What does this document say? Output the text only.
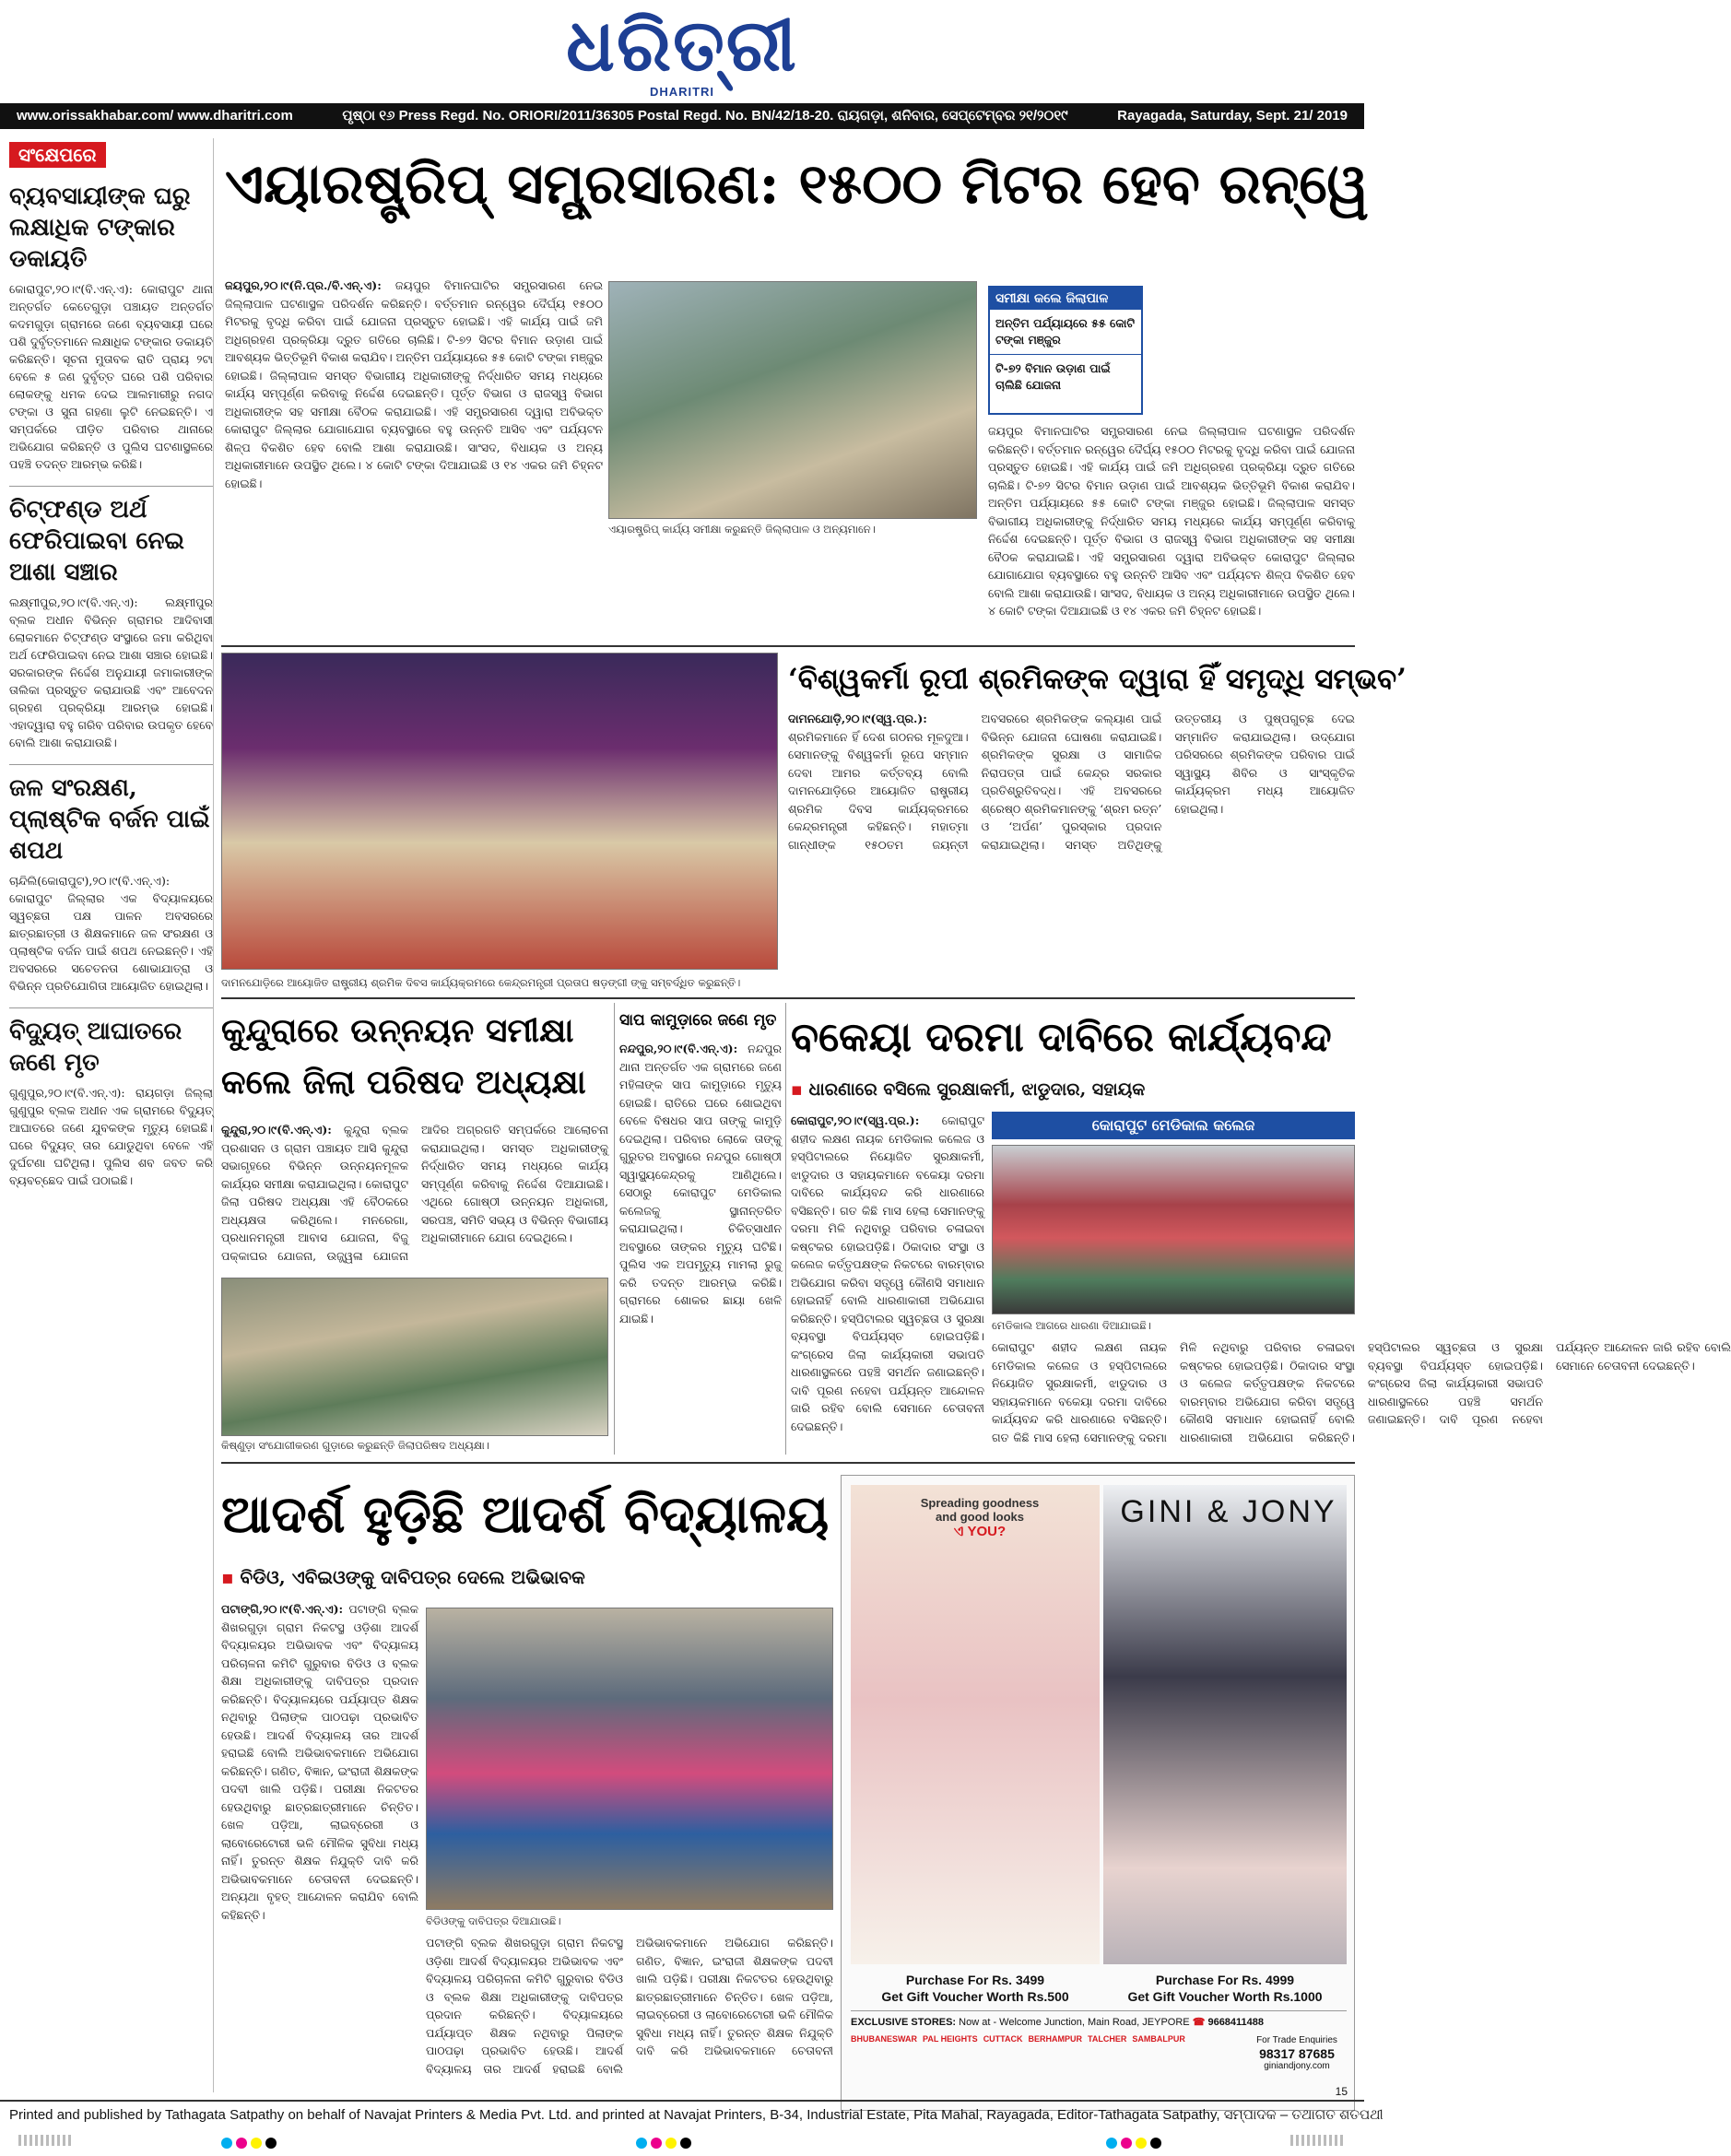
ଧରିତ୍ରୀ
DHARITRI
www.orissakhabar.com/ www.dharitri.com	ପୃଷ୍ଠା ୧୬ Press Regd. No. ORIORI/2011/36305 Postal Regd. No. BN/42/18-20. ରାୟଗଡ଼ା, ଶନିବାର, ସେପ୍ଟେମ୍ବର ୨୧/୨୦୧୯	Rayagada, Saturday, Sept. 21/ 2019
ସଂକ୍ଷେପରେ
ବ୍ୟବସାୟୀଙ୍କ ଘରୁ ଲକ୍ଷାଧିକ ଟଙ୍କାର ଡକାୟତି
କୋରାପୁଟ,୨୦।୯(ବି.ଏନ୍.ଏ): କୋରାପୁଟ ଥାନା ଅନ୍ତର୍ଗତ କେତେଗୁଡ଼ା ପଞ୍ଚାୟତ ଅନ୍ତର୍ଗତ କଦମଗୁଡ଼ା ଗ୍ରାମରେ ଜଣେ ବ୍ୟବସାୟୀ ଘରେ ପଶି ଦୁର୍ବୃତ୍ତମାନେ ଲକ୍ଷାଧିକ ଟଙ୍କାର ଡକାୟତି କରିଛନ୍ତି। ସୂଚନା ମୁତାବକ ରାତି ପ୍ରାୟ ୨ଟା ବେଳେ ୫ ଜଣ ଦୁର୍ବୃତ୍ତ ଘରେ ପଶି ପରିବାର ଲୋକଙ୍କୁ ଧମକ ଦେଇ ଆଲମାରୀରୁ ନଗଦ ଟଙ୍କା ଓ ସୁନା ଗହଣା ଲୁଟି ନେଇଛନ୍ତି। ଏ ସମ୍ପର୍କରେ ପୀଡ଼ିତ ପରିବାର ଥାନାରେ ଅଭିଯୋଗ କରିଛନ୍ତି ଓ ପୁଲିସ ଘଟଣାସ୍ଥଳରେ ପହଞ୍ଚି ତଦନ୍ତ ଆରମ୍ଭ କରିଛି।
ଚିଟ୍‌ଫଣ୍ଡ ଅର୍ଥ ଫେରିପାଇବା ନେଇ ଆଶା ସଞ୍ଚାର
ଲକ୍ଷ୍ମୀପୁର,୨୦।୯(ବି.ଏନ୍.ଏ): ଲକ୍ଷ୍ମୀପୁର ବ୍ଲକ ଅଧୀନ ବିଭିନ୍ନ ଗ୍ରାମର ଆଦିବାସୀ ଲୋକମାନେ ଚିଟ୍‌ଫଣ୍ଡ ସଂସ୍ଥାରେ ଜମା କରିଥିବା ଅର୍ଥ ଫେରିପାଇବା ନେଇ ଆଶା ସଞ୍ଚାର ହୋଇଛି। ସରକାରଙ୍କ ନିର୍ଦ୍ଦେଶ ଅନୁଯାୟୀ ଜମାକାରୀଙ୍କ ତାଲିକା ପ୍ରସ୍ତୁତ କରାଯାଉଛି ଏବଂ ଆବେଦନ ଗ୍ରହଣ ପ୍ରକ୍ରିୟା ଆରମ୍ଭ ହୋଇଛି। ଏହାଦ୍ୱାରା ବହୁ ଗରିବ ପରିବାର ଉପକୃତ ହେବେ ବୋଲି ଆଶା କରାଯାଉଛି।
ଜଳ ସଂରକ୍ଷଣ, ପ୍ଲାଷ୍ଟିକ ବର୍ଜନ ପାଇଁ ଶପଥ
ଚାନ୍ଦିଲି(କୋରାପୁଟ),୨୦।୯(ବି.ଏନ୍.ଏ): କୋରାପୁଟ ଜିଲ୍ଲାର ଏକ ବିଦ୍ୟାଳୟରେ ସ୍ୱଚ୍ଛତା ପକ୍ଷ ପାଳନ ଅବସରରେ ଛାତ୍ରଛାତ୍ରୀ ଓ ଶିକ୍ଷକମାନେ ଜଳ ସଂରକ୍ଷଣ ଓ ପ୍ଲାଷ୍ଟିକ ବର୍ଜନ ପାଇଁ ଶପଥ ନେଇଛନ୍ତି। ଏହି ଅବସରରେ ସଚେତନତା ଶୋଭାଯାତ୍ରା ଓ ବିଭିନ୍ନ ପ୍ରତିଯୋଗିତା ଆୟୋଜିତ ହୋଇଥିଲା।
ବିଦ୍ୟୁତ୍ ଆଘାତରେ ଜଣେ ମୃତ
ଗୁଣୁପୁର,୨୦।୯(ବି.ଏନ୍.ଏ): ରାୟଗଡ଼ା ଜିଲ୍ଲା ଗୁଣୁପୁର ବ୍ଲକ ଅଧୀନ ଏକ ଗ୍ରାମରେ ବିଦ୍ୟୁତ୍ ଆଘାତରେ ଜଣେ ଯୁବକଙ୍କ ମୃତ୍ୟୁ ହୋଇଛି। ଘରେ ବିଦ୍ୟୁତ୍ ତାର ଯୋଡୁଥିବା ବେଳେ ଏହି ଦୁର୍ଘଟଣା ଘଟିଥିଲା। ପୁଲିସ ଶବ ଜବତ କରି ବ୍ୟବଚ୍ଛେଦ ପାଇଁ ପଠାଇଛି।
ଏୟାରଷ୍ଟ୍ରିପ୍ ସମ୍ପ୍ରସାରଣ: ୧୫୦୦ ମିଟର ହେବ ରନ୍‌ୱେ
ଜୟପୁର,୨୦।୯(ନି.ପ୍ର./ବି.ଏନ୍.ଏ): ଜୟପୁର ବିମାନଘାଟିର ସମ୍ପ୍ରସାରଣ ନେଇ ଜିଲ୍ଲାପାଳ ଘଟଣାସ୍ଥଳ ପରିଦର୍ଶନ କରିଛନ୍ତି। ବର୍ତ୍ତମାନ ରନ୍‌ୱେର ଦୈର୍ଘ୍ୟ ୧୫୦୦ ମିଟରକୁ ବୃଦ୍ଧି କରିବା ପାଇଁ ଯୋଜନା ପ୍ରସ୍ତୁତ ହୋଇଛି। ଏହି କାର୍ଯ୍ୟ ପାଇଁ ଜମି ଅଧିଗ୍ରହଣ ପ୍ରକ୍ରିୟା ଦ୍ରୁତ ଗତିରେ ଚାଲିଛି। ଟି-୭୨ ସିଟର ବିମାନ ଉଡ଼ାଣ ପାଇଁ ଆବଶ୍ୟକ ଭିତ୍ତିଭୂମି ବିକାଶ କରାଯିବ। ଅନ୍ତିମ ପର୍ଯ୍ୟାୟରେ ୫୫ କୋଟି ଟଙ୍କା ମଞ୍ଜୁର ହୋଇଛି। ଜିଲ୍ଲାପାଳ ସମସ୍ତ ବିଭାଗୀୟ ଅଧିକାରୀଙ୍କୁ ନିର୍ଦ୍ଧାରିତ ସମୟ ମଧ୍ୟରେ କାର୍ଯ୍ୟ ସମ୍ପୂର୍ଣ୍ଣ କରିବାକୁ ନିର୍ଦ୍ଦେଶ ଦେଇଛନ୍ତି। ପୂର୍ତ୍ତ ବିଭାଗ ଓ ରାଜସ୍ୱ ବିଭାଗ ଅଧିକାରୀଙ୍କ ସହ ସମୀକ୍ଷା ବୈଠକ କରାଯାଇଛି। ଏହି ସମ୍ପ୍ରସାରଣ ଦ୍ୱାରା ଅବିଭକ୍ତ କୋରାପୁଟ ଜିଲ୍ଲାର ଯୋଗାଯୋଗ ବ୍ୟବସ୍ଥାରେ ବହୁ ଉନ୍ନତି ଆସିବ ଏବଂ ପର୍ଯ୍ୟଟନ ଶିଳ୍ପ ବିକଶିତ ହେବ ବୋଲି ଆଶା କରାଯାଉଛି। ସାଂସଦ, ବିଧାୟକ ଓ ଅନ୍ୟ ଅଧିକାରୀମାନେ ଉପସ୍ଥିତ ଥିଲେ। ୪ କୋଟି ଟଙ୍କା ଦିଆଯାଇଛି ଓ ୧୪ ଏକର ଜମି ଚିହ୍ନଟ ହୋଇଛି।
ଏୟାରଷ୍ଟ୍ରିପ୍ କାର୍ଯ୍ୟ ସମୀକ୍ଷା କରୁଛନ୍ତି ଜିଲ୍ଲାପାଳ ଓ ଅନ୍ୟମାନେ।
ସମୀକ୍ଷା କଲେ ଜିଲାପାଳ
ଅନ୍ତିମ ପର୍ଯ୍ୟାୟରେ ୫୫ କୋଟି ଟଙ୍କା ମଞ୍ଜୁର
ଟି-୭୨ ବିମାନ ଉଡ଼ାଣ ପାଇଁ ଚାଲିଛି ଯୋଜନା
ଜୟପୁର ବିମାନଘାଟିର ସମ୍ପ୍ରସାରଣ ନେଇ ଜିଲ୍ଲାପାଳ ଘଟଣାସ୍ଥଳ ପରିଦର୍ଶନ କରିଛନ୍ତି। ବର୍ତ୍ତମାନ ରନ୍‌ୱେର ଦୈର୍ଘ୍ୟ ୧୫୦୦ ମିଟରକୁ ବୃଦ୍ଧି କରିବା ପାଇଁ ଯୋଜନା ପ୍ରସ୍ତୁତ ହୋଇଛି। ଏହି କାର୍ଯ୍ୟ ପାଇଁ ଜମି ଅଧିଗ୍ରହଣ ପ୍ରକ୍ରିୟା ଦ୍ରୁତ ଗତିରେ ଚାଲିଛି। ଟି-୭୨ ସିଟର ବିମାନ ଉଡ଼ାଣ ପାଇଁ ଆବଶ୍ୟକ ଭିତ୍ତିଭୂମି ବିକାଶ କରାଯିବ। ଅନ୍ତିମ ପର୍ଯ୍ୟାୟରେ ୫୫ କୋଟି ଟଙ୍କା ମଞ୍ଜୁର ହୋଇଛି। ଜିଲ୍ଲାପାଳ ସମସ୍ତ ବିଭାଗୀୟ ଅଧିକାରୀଙ୍କୁ ନିର୍ଦ୍ଧାରିତ ସମୟ ମଧ୍ୟରେ କାର୍ଯ୍ୟ ସମ୍ପୂର୍ଣ୍ଣ କରିବାକୁ ନିର୍ଦ୍ଦେଶ ଦେଇଛନ୍ତି। ପୂର୍ତ୍ତ ବିଭାଗ ଓ ରାଜସ୍ୱ ବିଭାଗ ଅଧିକାରୀଙ୍କ ସହ ସମୀକ୍ଷା ବୈଠକ କରାଯାଇଛି। ଏହି ସମ୍ପ୍ରସାରଣ ଦ୍ୱାରା ଅବିଭକ୍ତ କୋରାପୁଟ ଜିଲ୍ଲାର ଯୋଗାଯୋଗ ବ୍ୟବସ୍ଥାରେ ବହୁ ଉନ୍ନତି ଆସିବ ଏବଂ ପର୍ଯ୍ୟଟନ ଶିଳ୍ପ ବିକଶିତ ହେବ ବୋଲି ଆଶା କରାଯାଉଛି। ସାଂସଦ, ବିଧାୟକ ଓ ଅନ୍ୟ ଅଧିକାରୀମାନେ ଉପସ୍ଥିତ ଥିଲେ। ୪ କୋଟି ଟଙ୍କା ଦିଆଯାଇଛି ଓ ୧୪ ଏକର ଜମି ଚିହ୍ନଟ ହୋଇଛି।
ଦାମନଯୋଡ଼ିରେ ଆୟୋଜିତ ରାଷ୍ଟ୍ରୀୟ ଶ୍ରମିକ ଦିବସ କାର୍ଯ୍ୟକ୍ରମରେ କେନ୍ଦ୍ରମନ୍ତ୍ରୀ ପ୍ରତାପ ଷଡ଼ଙ୍ଗୀ ଙ୍କୁ ସମ୍ବର୍ଦ୍ଧିତ କରୁଛନ୍ତି।
‘ବିଶ୍ୱକର୍ମା ରୂପୀ ଶ୍ରମିକଙ୍କ ଦ୍ୱାରା ହିଁ ସମୃଦ୍ଧି ସମ୍ଭବ’
ଦାମନଯୋଡ଼ି,୨୦।୯(ସ୍ୱ.ପ୍ର.): ଶ୍ରମିକମାନେ ହିଁ ଦେଶ ଗଠନର ମୂଳଦୁଆ। ସେମାନଙ୍କୁ ବିଶ୍ୱକର୍ମା ରୂପେ ସମ୍ମାନ ଦେବା ଆମର କର୍ତ୍ତବ୍ୟ ବୋଲି ଦାମନଯୋଡ଼ିରେ ଆୟୋଜିତ ରାଷ୍ଟ୍ରୀୟ ଶ୍ରମିକ ଦିବସ କାର୍ଯ୍ୟକ୍ରମରେ କେନ୍ଦ୍ରମନ୍ତ୍ରୀ କହିଛନ୍ତି। ମହାତ୍ମା ଗାନ୍ଧୀଙ୍କ ୧୫୦ତମ ଜୟନ୍ତୀ ଅବସରରେ ଶ୍ରମିକଙ୍କ କଲ୍ୟାଣ ପାଇଁ ବିଭିନ୍ନ ଯୋଜନା ଘୋଷଣା କରାଯାଇଛି। ଶ୍ରମିକଙ୍କ ସୁରକ୍ଷା ଓ ସାମାଜିକ ନିରାପତ୍ତା ପାଇଁ କେନ୍ଦ୍ର ସରକାର ପ୍ରତିଶ୍ରୁତିବଦ୍ଧ। ଏହି ଅବସରରେ ଶ୍ରେଷ୍ଠ ଶ୍ରମିକମାନଙ୍କୁ ‘ଶ୍ରମ ରତ୍ନ’ ଓ ‘ଅର୍ପଣ’ ପୁରସ୍କାର ପ୍ରଦାନ କରାଯାଇଥିଲା। ସମସ୍ତ ଅତିଥିଙ୍କୁ ଉତ୍ତରୀୟ ଓ ପୁଷ୍ପଗୁଚ୍ଛ ଦେଇ ସମ୍ମାନିତ କରାଯାଇଥିଲା। ଉଦ୍‌ଯୋଗ ପରିସରରେ ଶ୍ରମିକଙ୍କ ପରିବାର ପାଇଁ ସ୍ୱାସ୍ଥ୍ୟ ଶିବିର ଓ ସାଂସ୍କୃତିକ କାର୍ଯ୍ୟକ୍ରମ ମଧ୍ୟ ଆୟୋଜିତ ହୋଇଥିଲା।
କୁନ୍ଦୁରାରେ ଉନ୍ନୟନ ସମୀକ୍ଷା
କଲେ ଜିଲା ପରିଷଦ ଅଧ୍ୟକ୍ଷା
କୁନ୍ଦୁରା,୨୦।୯(ବି.ଏନ୍.ଏ): କୁନ୍ଦୁରା ବ୍ଲକ ପ୍ରଶାସନ ଓ ଗ୍ରାମ ପଞ୍ଚାୟତ ଆସି କୁନ୍ଦୁରା ସଭାଗୃହରେ ବିଭିନ୍ନ ଉନ୍ନୟନମୂଳକ କାର୍ଯ୍ୟର ସମୀକ୍ଷା କରାଯାଇଥିଲା। କୋରାପୁଟ ଜିଲା ପରିଷଦ ଅଧ୍ୟକ୍ଷା ଏହି ବୈଠକରେ ଅଧ୍ୟକ୍ଷତା କରିଥିଲେ। ମନରେଗା, ପ୍ରଧାନମନ୍ତ୍ରୀ ଆବାସ ଯୋଜନା, ବିଜୁ ପକ୍କାଘର ଯୋଜନା, ଉଜ୍ଜ୍ୱଳା ଯୋଜନା ଆଦିର ଅଗ୍ରଗତି ସମ୍ପର୍କରେ ଆଲୋଚନା କରାଯାଇଥିଲା। ସମସ୍ତ ଅଧିକାରୀଙ୍କୁ ନିର୍ଦ୍ଧାରିତ ସମୟ ମଧ୍ୟରେ କାର୍ଯ୍ୟ ସମ୍ପୂର୍ଣ୍ଣ କରିବାକୁ ନିର୍ଦ୍ଦେଶ ଦିଆଯାଇଛି। ଏଥିରେ ଗୋଷ୍ଠୀ ଉନ୍ନୟନ ଅଧିକାରୀ, ସରପଞ୍ଚ, ସମିତି ସଭ୍ୟ ଓ ବିଭିନ୍ନ ବିଭାଗୀୟ ଅଧିକାରୀମାନେ ଯୋଗ ଦେଇଥିଲେ।
କିଷ୍ଣୁଡ଼ା ସଂଯୋଗୀକରଣ ଗୁଡ଼ାରେ କରୁଛନ୍ତି ଜିଲାପରିଷଦ ଅଧ୍ୟକ୍ଷା।
ସାପ କାମୁଡ଼ାରେ ଜଣେ ମୃତ
ନନ୍ଦପୁର,୨୦।୯(ବି.ଏନ୍.ଏ): ନନ୍ଦପୁର ଥାନା ଅନ୍ତର୍ଗତ ଏକ ଗ୍ରାମରେ ଜଣେ ମହିଳାଙ୍କ ସାପ କାମୁଡ଼ାରେ ମୃତ୍ୟୁ ହୋଇଛି। ରାତିରେ ଘରେ ଶୋଇଥିବା ବେଳେ ବିଷଧର ସାପ ତାଙ୍କୁ କାମୁଡ଼ି ଦେଇଥିଲା। ପରିବାର ଲୋକେ ତାଙ୍କୁ ଗୁରୁତର ଅବସ୍ଥାରେ ନନ୍ଦପୁର ଗୋଷ୍ଠୀ ସ୍ୱାସ୍ଥ୍ୟକେନ୍ଦ୍ରକୁ ଆଣିଥିଲେ। ସେଠାରୁ କୋରାପୁଟ ମେଡିକାଲ କଲେଜକୁ ସ୍ଥାନାନ୍ତରିତ କରାଯାଇଥିଲା। ଚିକିତ୍ସାଧୀନ ଅବସ୍ଥାରେ ତାଙ୍କର ମୃତ୍ୟୁ ଘଟିଛି। ପୁଲିସ ଏକ ଅପମୃତ୍ୟୁ ମାମଲା ରୁଜୁ କରି ତଦନ୍ତ ଆରମ୍ଭ କରିଛି। ଗ୍ରାମରେ ଶୋକର ଛାୟା ଖେଳି ଯାଇଛି।
ବକେୟା ଦରମା ଦାବିରେ କାର୍ଯ୍ୟବନ୍ଦ
▪ ଧାରଣାରେ ବସିଲେ ସୁରକ୍ଷାକର୍ମୀ, ଝାଡୁଦାର, ସହାୟକ
କୋରାପୁଟ,୨୦।୯(ସ୍ୱ.ପ୍ର.): କୋରାପୁଟ ଶହୀଦ ଲକ୍ଷଣ ନାୟକ ମେଡିକାଲ କଲେଜ ଓ ହସ୍ପିଟାଲରେ ନିୟୋଜିତ ସୁରକ୍ଷାକର୍ମୀ, ଝାଡୁଦାର ଓ ସହାୟକମାନେ ବକେୟା ଦରମା ଦାବିରେ କାର୍ଯ୍ୟବନ୍ଦ କରି ଧାରଣାରେ ବସିଛନ୍ତି। ଗତ କିଛି ମାସ ହେଲା ସେମାନଙ୍କୁ ଦରମା ମିଳି ନଥିବାରୁ ପରିବାର ଚଳାଇବା କଷ୍ଟକର ହୋଇପଡ଼ିଛି। ଠିକାଦାର ସଂସ୍ଥା ଓ କଲେଜ କର୍ତ୍ତୃପକ୍ଷଙ୍କ ନିକଟରେ ବାରମ୍ବାର ଅଭିଯୋଗ କରିବା ସତ୍ତ୍ୱେ କୌଣସି ସମାଧାନ ହୋଇନାହିଁ ବୋଲି ଧାରଣାକାରୀ ଅଭିଯୋଗ କରିଛନ୍ତି। ହସ୍ପିଟାଲର ସ୍ୱଚ୍ଛତା ଓ ସୁରକ୍ଷା ବ୍ୟବସ୍ଥା ବିପର୍ଯ୍ୟସ୍ତ ହୋଇପଡ଼ିଛି। କଂଗ୍ରେସ ଜିଲା କାର୍ଯ୍ୟକାରୀ ସଭାପତି ଧାରଣାସ୍ଥଳରେ ପହଞ୍ଚି ସମର୍ଥନ ଜଣାଇଛନ୍ତି। ଦାବି ପୂରଣ ନହେବା ପର୍ଯ୍ୟନ୍ତ ଆନ୍ଦୋଳନ ଜାରି ରହିବ ବୋଲି ସେମାନେ ଚେତାବନୀ ଦେଇଛନ୍ତି।
କୋରାପୁଟ ମେଡିକାଲ କଲେଜ
ମେଡିକାଲ ଆଗରେ ଧାରଣା ଦିଆଯାଇଛି।
କୋରାପୁଟ ଶହୀଦ ଲକ୍ଷଣ ନାୟକ ମେଡିକାଲ କଲେଜ ଓ ହସ୍ପିଟାଲରେ ନିୟୋଜିତ ସୁରକ୍ଷାକର୍ମୀ, ଝାଡୁଦାର ଓ ସହାୟକମାନେ ବକେୟା ଦରମା ଦାବିରେ କାର୍ଯ୍ୟବନ୍ଦ କରି ଧାରଣାରେ ବସିଛନ୍ତି। ଗତ କିଛି ମାସ ହେଲା ସେମାନଙ୍କୁ ଦରମା ମିଳି ନଥିବାରୁ ପରିବାର ଚଳାଇବା କଷ୍ଟକର ହୋଇପଡ଼ିଛି। ଠିକାଦାର ସଂସ୍ଥା ଓ କଲେଜ କର୍ତ୍ତୃପକ୍ଷଙ୍କ ନିକଟରେ ବାରମ୍ବାର ଅଭିଯୋଗ କରିବା ସତ୍ତ୍ୱେ କୌଣସି ସମାଧାନ ହୋଇନାହିଁ ବୋଲି ଧାରଣାକାରୀ ଅଭିଯୋଗ କରିଛନ୍ତି। ହସ୍ପିଟାଲର ସ୍ୱଚ୍ଛତା ଓ ସୁରକ୍ଷା ବ୍ୟବସ୍ଥା ବିପର୍ଯ୍ୟସ୍ତ ହୋଇପଡ଼ିଛି। କଂଗ୍ରେସ ଜିଲା କାର୍ଯ୍ୟକାରୀ ସଭାପତି ଧାରଣାସ୍ଥଳରେ ପହଞ୍ଚି ସମର୍ଥନ ଜଣାଇଛନ୍ତି। ଦାବି ପୂରଣ ନହେବା ପର୍ଯ୍ୟନ୍ତ ଆନ୍ଦୋଳନ ଜାରି ରହିବ ବୋଲି ସେମାନେ ଚେତାବନୀ ଦେଇଛନ୍ତି।
ଆଦର୍ଶ ହୁଡ଼ିଛି ଆଦର୍ଶ ବିଦ୍ୟାଳୟ
▪ ବିଡିଓ, ଏବିଇଓଙ୍କୁ ଦାବିପତ୍ର ଦେଲେ ଅଭିଭାବକ
ପଟାଙ୍ଗି,୨୦।୯(ବି.ଏନ୍.ଏ): ପଟାଙ୍ଗି ବ୍ଲକ ଶିଖରଗୁଡ଼ା ଗ୍ରାମ ନିକଟସ୍ଥ ଓଡ଼ିଶା ଆଦର୍ଶ ବିଦ୍ୟାଳୟର ଅଭିଭାବକ ଏବଂ ବିଦ୍ୟାଳୟ ପରିଚାଳନା କମିଟି ଗୁରୁବାର ବିଡିଓ ଓ ବ୍ଲକ ଶିକ୍ଷା ଅଧିକାରୀଙ୍କୁ ଦାବିପତ୍ର ପ୍ରଦାନ କରିଛନ୍ତି। ବିଦ୍ୟାଳୟରେ ପର୍ଯ୍ୟାପ୍ତ ଶିକ୍ଷକ ନଥିବାରୁ ପିଲାଙ୍କ ପାଠପଢ଼ା ପ୍ରଭାବିତ ହେଉଛି। ଆଦର୍ଶ ବିଦ୍ୟାଳୟ ତାର ଆଦର୍ଶ ହରାଇଛି ବୋଲି ଅଭିଭାବକମାନେ ଅଭିଯୋଗ କରିଛନ୍ତି। ଗଣିତ, ବିଜ୍ଞାନ, ଇଂରାଜୀ ଶିକ୍ଷକଙ୍କ ପଦବୀ ଖାଲି ପଡ଼ିଛି। ପରୀକ୍ଷା ନିକଟତର ହେଉଥିବାରୁ ଛାତ୍ରଛାତ୍ରୀମାନେ ଚିନ୍ତିତ। ଖେଳ ପଡ଼ିଆ, ଲାଇବ୍ରେରୀ ଓ ଲାବୋରେଟୋରୀ ଭଳି ମୌଳିକ ସୁବିଧା ମଧ୍ୟ ନାହିଁ। ତୁରନ୍ତ ଶିକ୍ଷକ ନିଯୁକ୍ତି ଦାବି କରି ଅଭିଭାବକମାନେ ଚେତାବନୀ ଦେଇଛନ୍ତି। ଅନ୍ୟଥା ବୃହତ୍ ଆନ୍ଦୋଳନ କରାଯିବ ବୋଲି କହିଛନ୍ତି।	ବିଡିଓଙ୍କୁ ଦାବିପତ୍ର ଦିଆଯାଉଛି।
ପଟାଙ୍ଗି ବ୍ଲକ ଶିଖରଗୁଡ଼ା ଗ୍ରାମ ନିକଟସ୍ଥ ଓଡ଼ିଶା ଆଦର୍ଶ ବିଦ୍ୟାଳୟର ଅଭିଭାବକ ଏବଂ ବିଦ୍ୟାଳୟ ପରିଚାଳନା କମିଟି ଗୁରୁବାର ବିଡିଓ ଓ ବ୍ଲକ ଶିକ୍ଷା ଅଧିକାରୀଙ୍କୁ ଦାବିପତ୍ର ପ୍ରଦାନ କରିଛନ୍ତି। ବିଦ୍ୟାଳୟରେ ପର୍ଯ୍ୟାପ୍ତ ଶିକ୍ଷକ ନଥିବାରୁ ପିଲାଙ୍କ ପାଠପଢ଼ା ପ୍ରଭାବିତ ହେଉଛି। ଆଦର୍ଶ ବିଦ୍ୟାଳୟ ତାର ଆଦର୍ଶ ହରାଇଛି ବୋଲି ଅଭିଭାବକମାନେ ଅଭିଯୋଗ କରିଛନ୍ତି। ଗଣିତ, ବିଜ୍ଞାନ, ଇଂରାଜୀ ଶିକ୍ଷକଙ୍କ ପଦବୀ ଖାଲି ପଡ଼ିଛି। ପରୀକ୍ଷା ନିକଟତର ହେଉଥିବାରୁ ଛାତ୍ରଛାତ୍ରୀମାନେ ଚିନ୍ତିତ। ଖେଳ ପଡ଼ିଆ, ଲାଇବ୍ରେରୀ ଓ ଲାବୋରେଟୋରୀ ଭଳି ମୌଳିକ ସୁବିଧା ମଧ୍ୟ ନାହିଁ। ତୁରନ୍ତ ଶିକ୍ଷକ ନିଯୁକ୍ତି ଦାବି କରି ଅଭିଭାବକମାନେ ଚେତାବନୀ
Spreading goodness
and good looks
ଏ YOU?
GINI & JONY
Purchase For Rs. 3499
Get Gift Voucher Worth Rs.500
Purchase For Rs. 4999
Get Gift Voucher Worth Rs.1000
EXCLUSIVE STORES: Now at - Welcome Junction, Main Road, JEYPORE ☎ 9668411488
BHUBANESWAR PAL HEIGHTS CUTTACK BERHAMPUR TALCHER SAMBALPUR	For Trade Enquiries
98317 87685
giniandjony.com
15
Printed and published by Tathagata Satpathy on behalf of Navajat Printers & Media Pvt. Ltd. and printed at Navajat Printers, B-34, Industrial Estate, Pita Mahal, Rayagada, Editor-Tathagata Satpathy, ସମ୍ପାଦକ – ତଥାଗତ ଶତପଥୀ
